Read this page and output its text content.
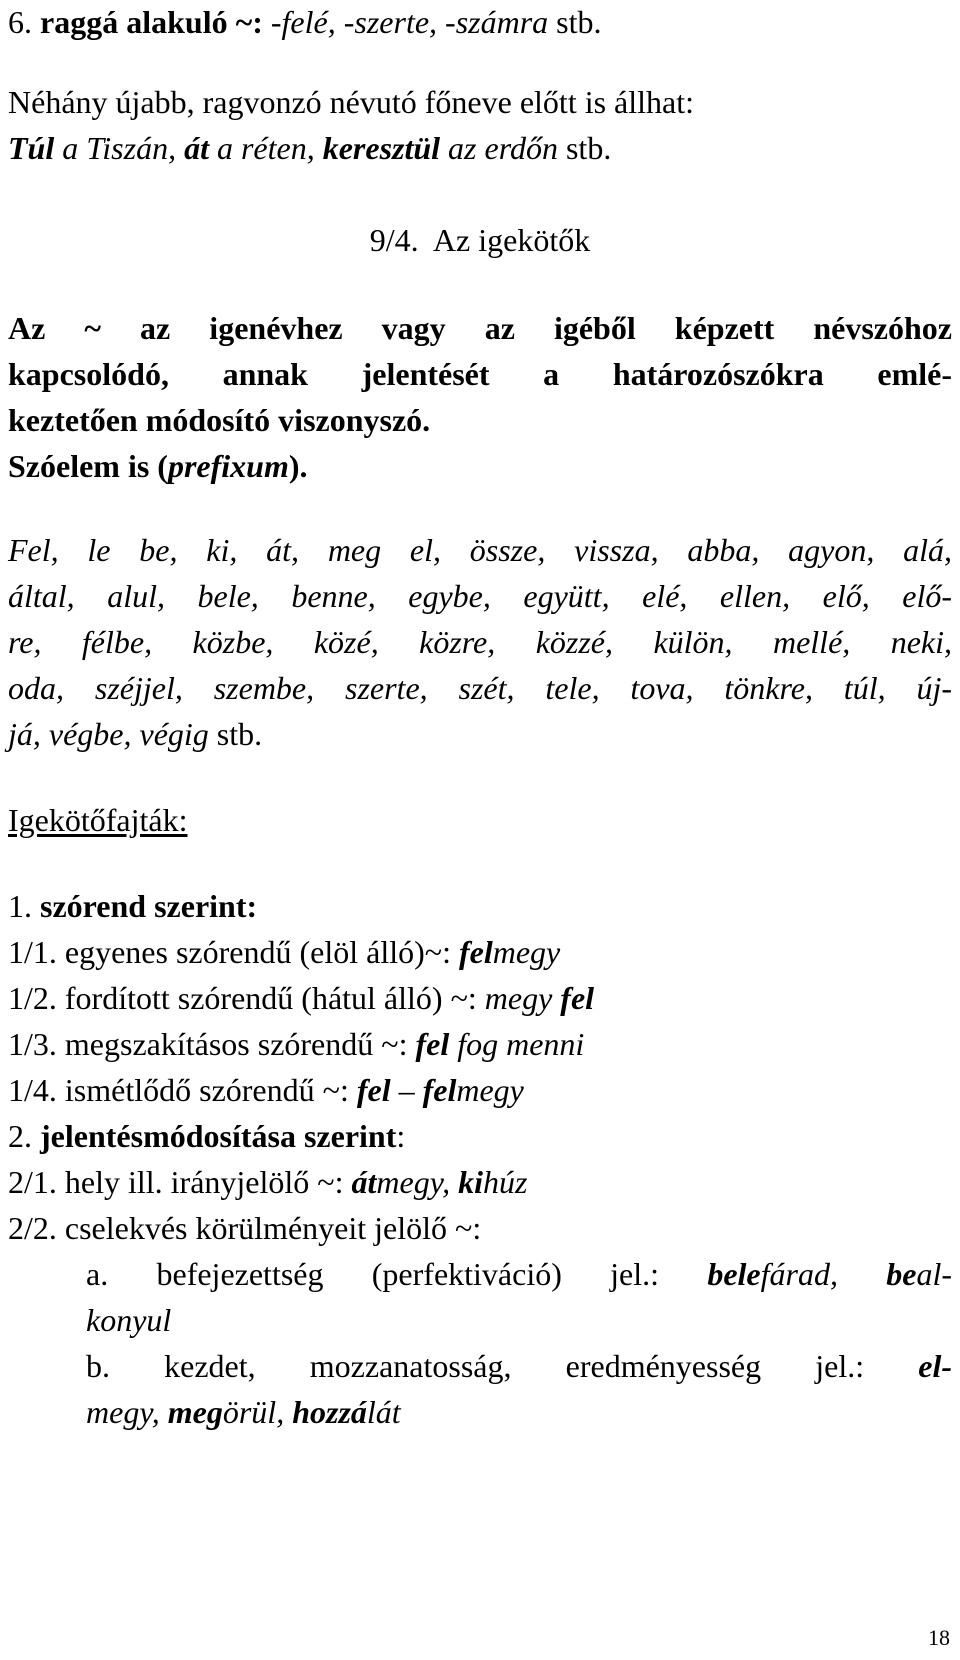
6. raggá alakuló ~: -felé, -szerte, -számra stb.
Néhány újabb, ragvonzó névutó főneve előtt is állhat:
Túl a Tiszán, át a réten, keresztül az erdőn stb.
9/4.  Az igekötők
Az ~ az igenévhez vagy az igéből képzett névszóhoz
kapcsolódó, annak jelentését a határozószókra emlé-
keztetően módosító viszonyszó.
Szóelem is (prefixum).
Fel, le be, ki, át, meg el, össze, vissza, abba, agyon, alá,
által, alul, bele, benne, egybe, együtt, elé, ellen, elő, elő-
re, félbe, közbe, közé, közre, közzé, külön, mellé, neki,
oda, széjjel, szembe, szerte, szét, tele, tova, tönkre, túl, új-
já, végbe, végig stb.
Igekötőfajták:
1. szórend szerint:
1/1. egyenes szórendű (elöl álló)~: felmegy
1/2. fordított szórendű (hátul álló) ~: megy fel
1/3. megszakításos szórendű ~: fel fog menni
1/4. ismétlődő szórendű ~: fel – felmegy
2. jelentésmódosítása szerint:
2/1. hely ill. irányjelölő ~: átmegy, kihúz
2/2. cselekvés körülményeit jelölő ~:
a. befejezettség (perfektiváció) jel.: belefárad, beal-
konyul
b. kezdet, mozzanatosság, eredményesség jel.: el-
megy, megörül, hozzálát
18
